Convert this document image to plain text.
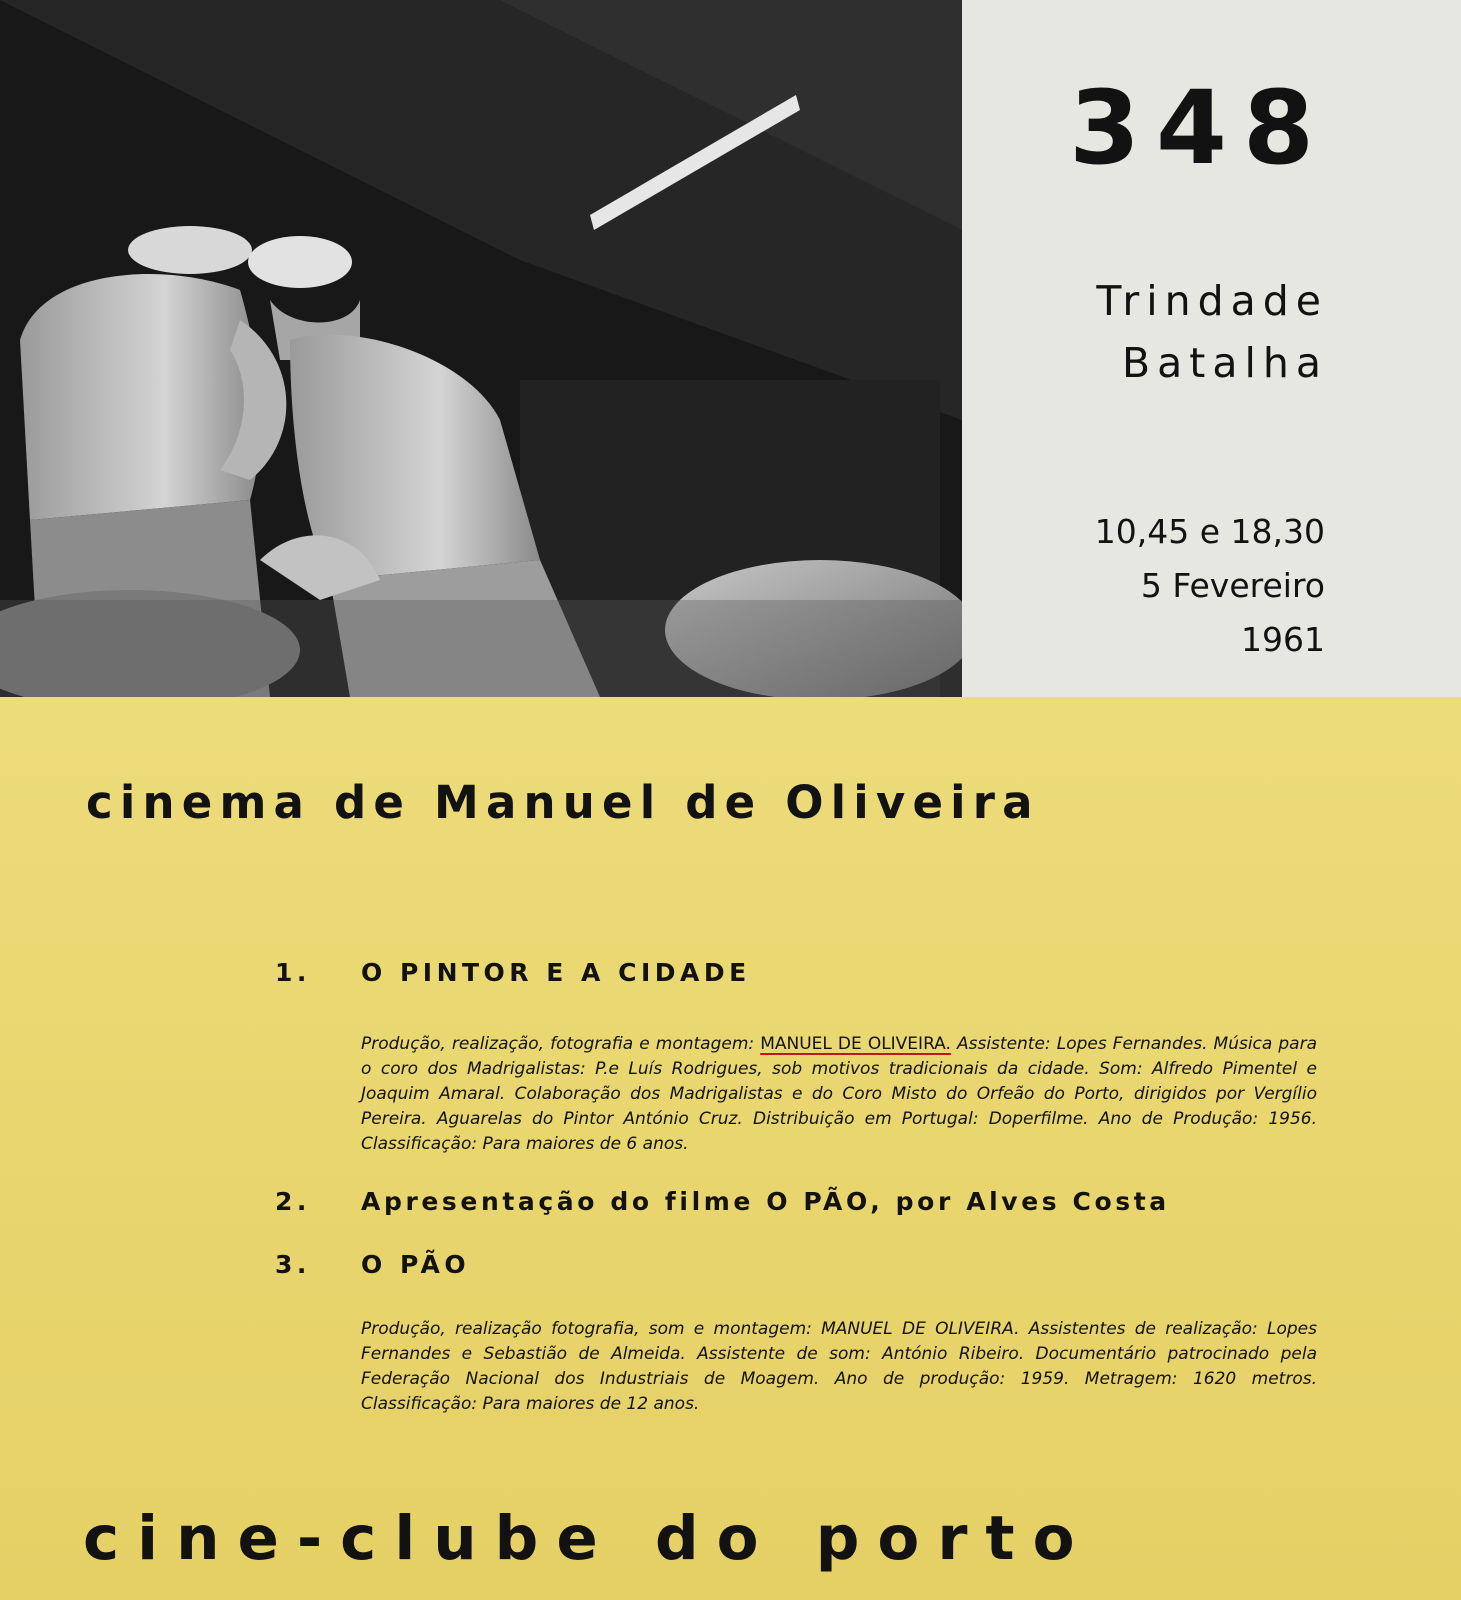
348
Trindade
Batalha
10,45 e 18,30
5 Fevereiro 1961
cinema de Manuel de Oliveira
1.	O PINTOR E A CIDADE
Produção, realização, fotografia e montagem: MANUEL DE OLIVEIRA. Assistente: Lopes Fernandes. Música para o coro dos Madrigalistas: P.e Luís Rodrigues, sob motivos tradicionais da cidade. Som: Alfredo Pimentel e Joaquim Amaral. Colaboração dos Madrigalistas e do Coro Misto do Orfeão do Porto, dirigidos por Vergílio Pereira. Aguarelas do Pintor António Cruz. Distribuição em Portugal: Doperfilme. Ano de Produção: 1956. Classificação: Para maiores de 6 anos.
2.	Apresentação do filme O PÃO, por Alves Costa
3.	O PÃO
Produção, realização fotografia, som e montagem: MANUEL DE OLIVEIRA. Assistentes de realização: Lopes Fernandes e Sebastião de Almeida. Assistente de som: António Ribeiro. Documentário patrocinado pela Federação Nacional dos Industriais de Moagem. Ano de produção: 1959. Metragem: 1620 metros. Classificação: Para maiores de 12 anos.
cine-clube do porto
